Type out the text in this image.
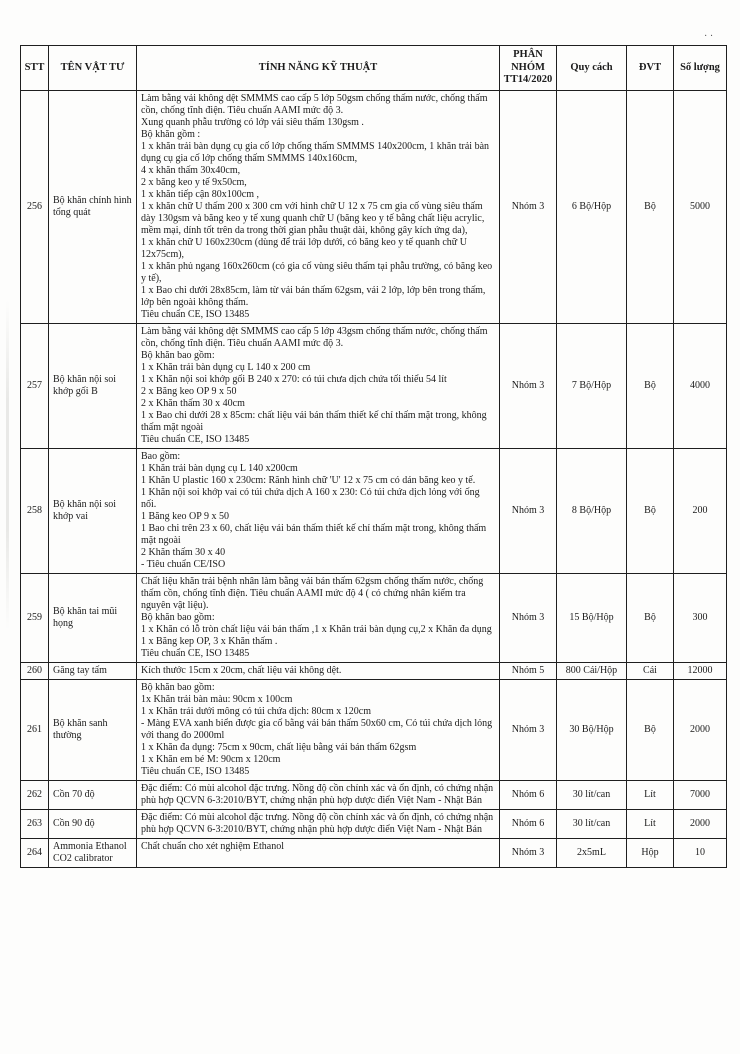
· ·
STT	TÊN VẬT TƯ	TÍNH NĂNG KỸ THUẬT	PHÂN NHÓM TT14/2020	Quy cách	ĐVT	Số lượng
256	Bộ khăn chỉnh hình tổng quát	
Làm bằng vải không dệt SMMMS cao cấp 5 lớp 50gsm chống thấm nước, chống thấm cồn, chống tĩnh điện. Tiêu chuẩn AAMI mức độ 3.
Xung quanh phẫu trường có lớp vải siêu thấm 130gsm .
Bộ khăn gồm :
1 x khăn trải bàn dụng cụ gia cố lớp chống thấm SMMMS 140x200cm, 1 khăn trải bàn dụng cụ gia cố lớp chống thấm SMMMS 140x160cm,
4 x khăn thấm 30x40cm,
2 x băng keo y tế 9x50cm,
1 x khăn tiếp cận 80x100cm ,
1 x khăn chữ U thấm 200 x 300 cm với hình chữ U 12 x 75 cm gia cố vùng siêu thấm dày 130gsm và băng keo y tế xung quanh chữ U (băng keo y tế bằng chất liệu acrylic, mềm mại, dính tốt trên da trong thời gian phẫu thuật dài, không gây kích ứng da),
1 x khăn chữ U 160x230cm (dùng để trải lớp dưới, có băng keo y tế quanh chữ U 12x75cm),
1 x khăn phủ ngang 160x260cm (có gia cố vùng siêu thấm tại phẫu trường, có băng keo y tế),
1 x Bao chi dưới 28x85cm, làm từ vải bán thấm 62gsm, vải 2 lớp, lớp bên trong thấm, lớp bên ngoài không thấm.
Tiêu chuẩn CE, ISO 13485
	Nhóm 3	6 Bộ/Hộp	Bộ	5000
257	Bộ khăn nội soi khớp gối B	
Làm bằng vải không dệt SMMMS cao cấp 5 lớp 43gsm chống thấm nước, chống thấm cồn, chống tĩnh điện. Tiêu chuẩn AAMI mức độ 3.
Bộ khăn bao gồm:
1 x Khăn trải bàn dụng cụ L 140 x 200 cm
1 x Khăn nội soi khớp gối B 240 x 270: có túi chưa dịch chứa tối thiểu 54 lít
2 x Băng keo OP 9 x 50
2 x Khăn thấm 30 x 40cm
1 x Bao chi dưới 28 x 85cm: chất liệu vải bán thấm thiết kế chỉ thấm mặt trong, không thấm mặt ngoài
Tiêu chuẩn CE, ISO 13485
	Nhóm 3	7 Bộ/Hộp	Bộ	4000
258	Bộ khăn nội soi khớp vai	
Bao gồm:
1 Khăn trải bàn dụng cụ L 140 x200cm
1 Khăn U plastic 160 x 230cm: Rãnh hình chữ 'U' 12 x 75 cm có dán băng keo y tế.
1 Khăn nội soi khớp vai có túi chứa dịch A 160 x 230: Có túi chứa dịch lỏng với ống nối.
1 Băng keo OP 9 x 50
1 Bao chi trên 23 x 60, chất liệu vải bán thấm thiết kế chỉ thấm mặt trong, không thấm mặt ngoài
2 Khăn thấm 30 x 40
- Tiêu chuẩn CE/ISO
	Nhóm 3	8 Bộ/Hộp	Bộ	200
259	Bộ khăn tai mũi họng	Chất liệu khăn trải bệnh nhân làm bằng vải bán thấm 62gsm chống thấm nước, chống thấm cồn, chống tĩnh điện. Tiêu chuẩn AAMI mức độ 4 ( có chứng nhân kiểm tra nguyên vật liệu).
Bộ khăn bao gồm:
1 x Khăn có lỗ tròn chất liệu vải bán thấm ,1 x Khăn trải bàn dụng cụ,2 x Khăn đa dụng 1 x Băng kep OP, 3 x Khăn thấm .
Tiêu chuẩn CE, ISO 13485	Nhóm 3	15 Bộ/Hộp	Bộ	300
260	Găng tay tấm	Kích thước 15cm x 20cm, chất liệu vải không dệt.	Nhóm 5	800 Cái/Hộp	Cái	12000
261	Bộ khăn sanh thường	
Bộ khăn bao gồm:
1x Khăn trải bàn màu: 90cm x 100cm
1 x Khăn trải dưới mông có túi chứa dịch: 80cm x 120cm
- Màng EVA xanh biển được gia cố bằng vải bán thấm 50x60 cm, Có túi chứa dịch lỏng với thang đo 2000ml
1 x Khăn đa dụng: 75cm x 90cm, chất liệu bằng vải bán thấm 62gsm
1 x Khăn em bé M: 90cm x 120cm
Tiêu chuẩn CE, ISO 13485
	Nhóm 3	30 Bộ/Hộp	Bộ	2000
262	Cồn 70 độ	Đặc điểm: Có mùi alcohol đặc trưng. Nồng độ cồn chính xác và ổn định, có chứng nhận phù hợp QCVN 6-3:2010/BYT, chứng nhận phù hợp dược điển Việt Nam - Nhật Bản	Nhóm 6	30 lít/can	Lít	7000
263	Cồn 90 độ	Đặc điểm: Có mùi alcohol đặc trưng. Nồng độ cồn chính xác và ổn định, có chứng nhận phù hợp QCVN 6-3:2010/BYT, chứng nhận phù hợp dược điển Việt Nam - Nhật Bản	Nhóm 6	30 lít/can	Lít	2000
264	Ammonia Ethanol CO2 calibrator	Chất chuẩn cho xét nghiệm Ethanol	Nhóm 3	2x5mL	Hộp	10
